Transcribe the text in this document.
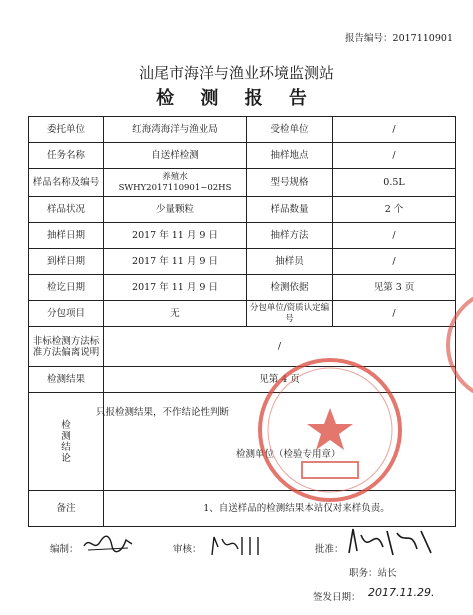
报告编号：2017110901
汕尾市海洋与渔业环境监测站
检 测 报 告
委托单位	红海湾海洋与渔业局	受检单位	/
任务名称	自送样检测	抽样地点	/
样品名称及编号	养殖水 SWHY2017110901~02HS	型号规格	0.5L
样品状况	少量颗粒	样品数量	2 个
抽样日期	2017 年 11 月 9 日	抽样方法	/
到样日期	2017 年 11 月 9 日	抽样员	/
检讫日期	2017 年 11 月 9 日	检测依据	见第 3 页
分包项目	无	分包单位/资质认定编号	/
非标检测方法标准方法偏离说明	/		
检测结果	见第 4 页		
检测结论	只报检测结果，不作结论性判断
检测单位（检验专用章）		

备注	1、自送样品的检测结果本站仅对来样负责。		
编制：	审核：	批准：
职务：站长
签发日期： 2017.11.29.
